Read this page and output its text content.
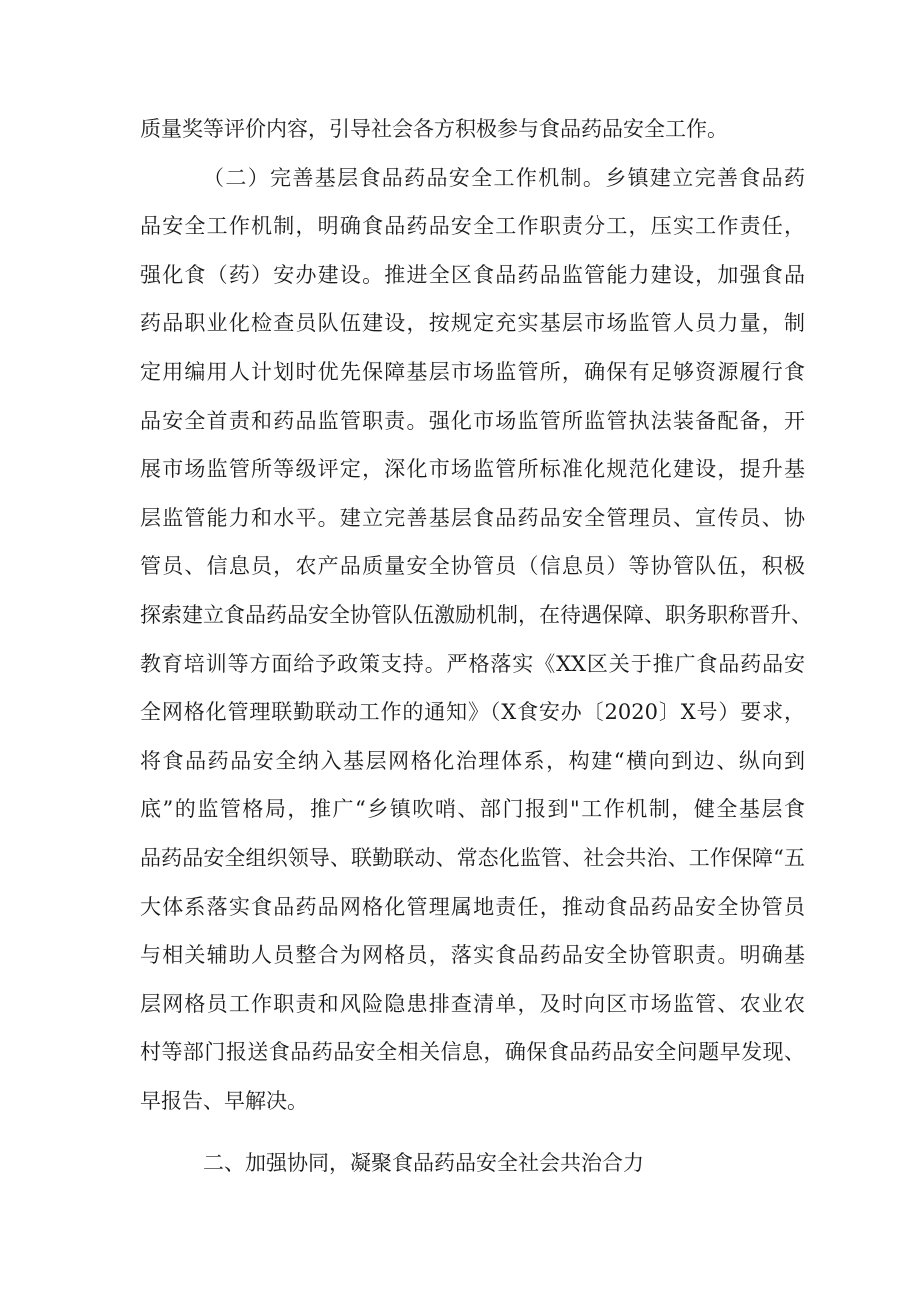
质量奖等评价内容，引导社会各方积极参与食品药品安全工作。
（二）完善基层食品药品安全工作机制。乡镇建立完善食品药
品安全工作机制，明确食品药品安全工作职责分工，压实工作责任，
强化食（药）安办建设。推进全区食品药品监管能力建设，加强食品
药品职业化检查员队伍建设，按规定充实基层市场监管人员力量，制
定用编用人计划时优先保障基层市场监管所，确保有足够资源履行食
品安全首责和药品监管职责。强化市场监管所监管执法装备配备，开
展市场监管所等级评定，深化市场监管所标准化规范化建设，提升基
层监管能力和水平。建立完善基层食品药品安全管理员、宣传员、协
管员、信息员，农产品质量安全协管员（信息员）等协管队伍，积极
探索建立食品药品安全协管队伍激励机制，在待遇保障、职务职称晋升、
教育培训等方面给予政策支持。严格落实《XX区关于推广食品药品安
全网格化管理联勤联动工作的通知》（X食安办〔2020〕X号）要求，
将食品药品安全纳入基层网格化治理体系，构建“横向到边、纵向到
底”的监管格局，推广“乡镇吹哨、部门报到"工作机制，健全基层食
品药品安全组织领导、联勤联动、常态化监管、社会共治、工作保障“五
大体系落实食品药品网格化管理属地责任，推动食品药品安全协管员
与相关辅助人员整合为网格员，落实食品药品安全协管职责。明确基
层网格员工作职责和风险隐患排查清单，及时向区市场监管、农业农
村等部门报送食品药品安全相关信息，确保食品药品安全问题早发现、
早报告、早解决。
二、加强协同，凝聚食品药品安全社会共治合力
